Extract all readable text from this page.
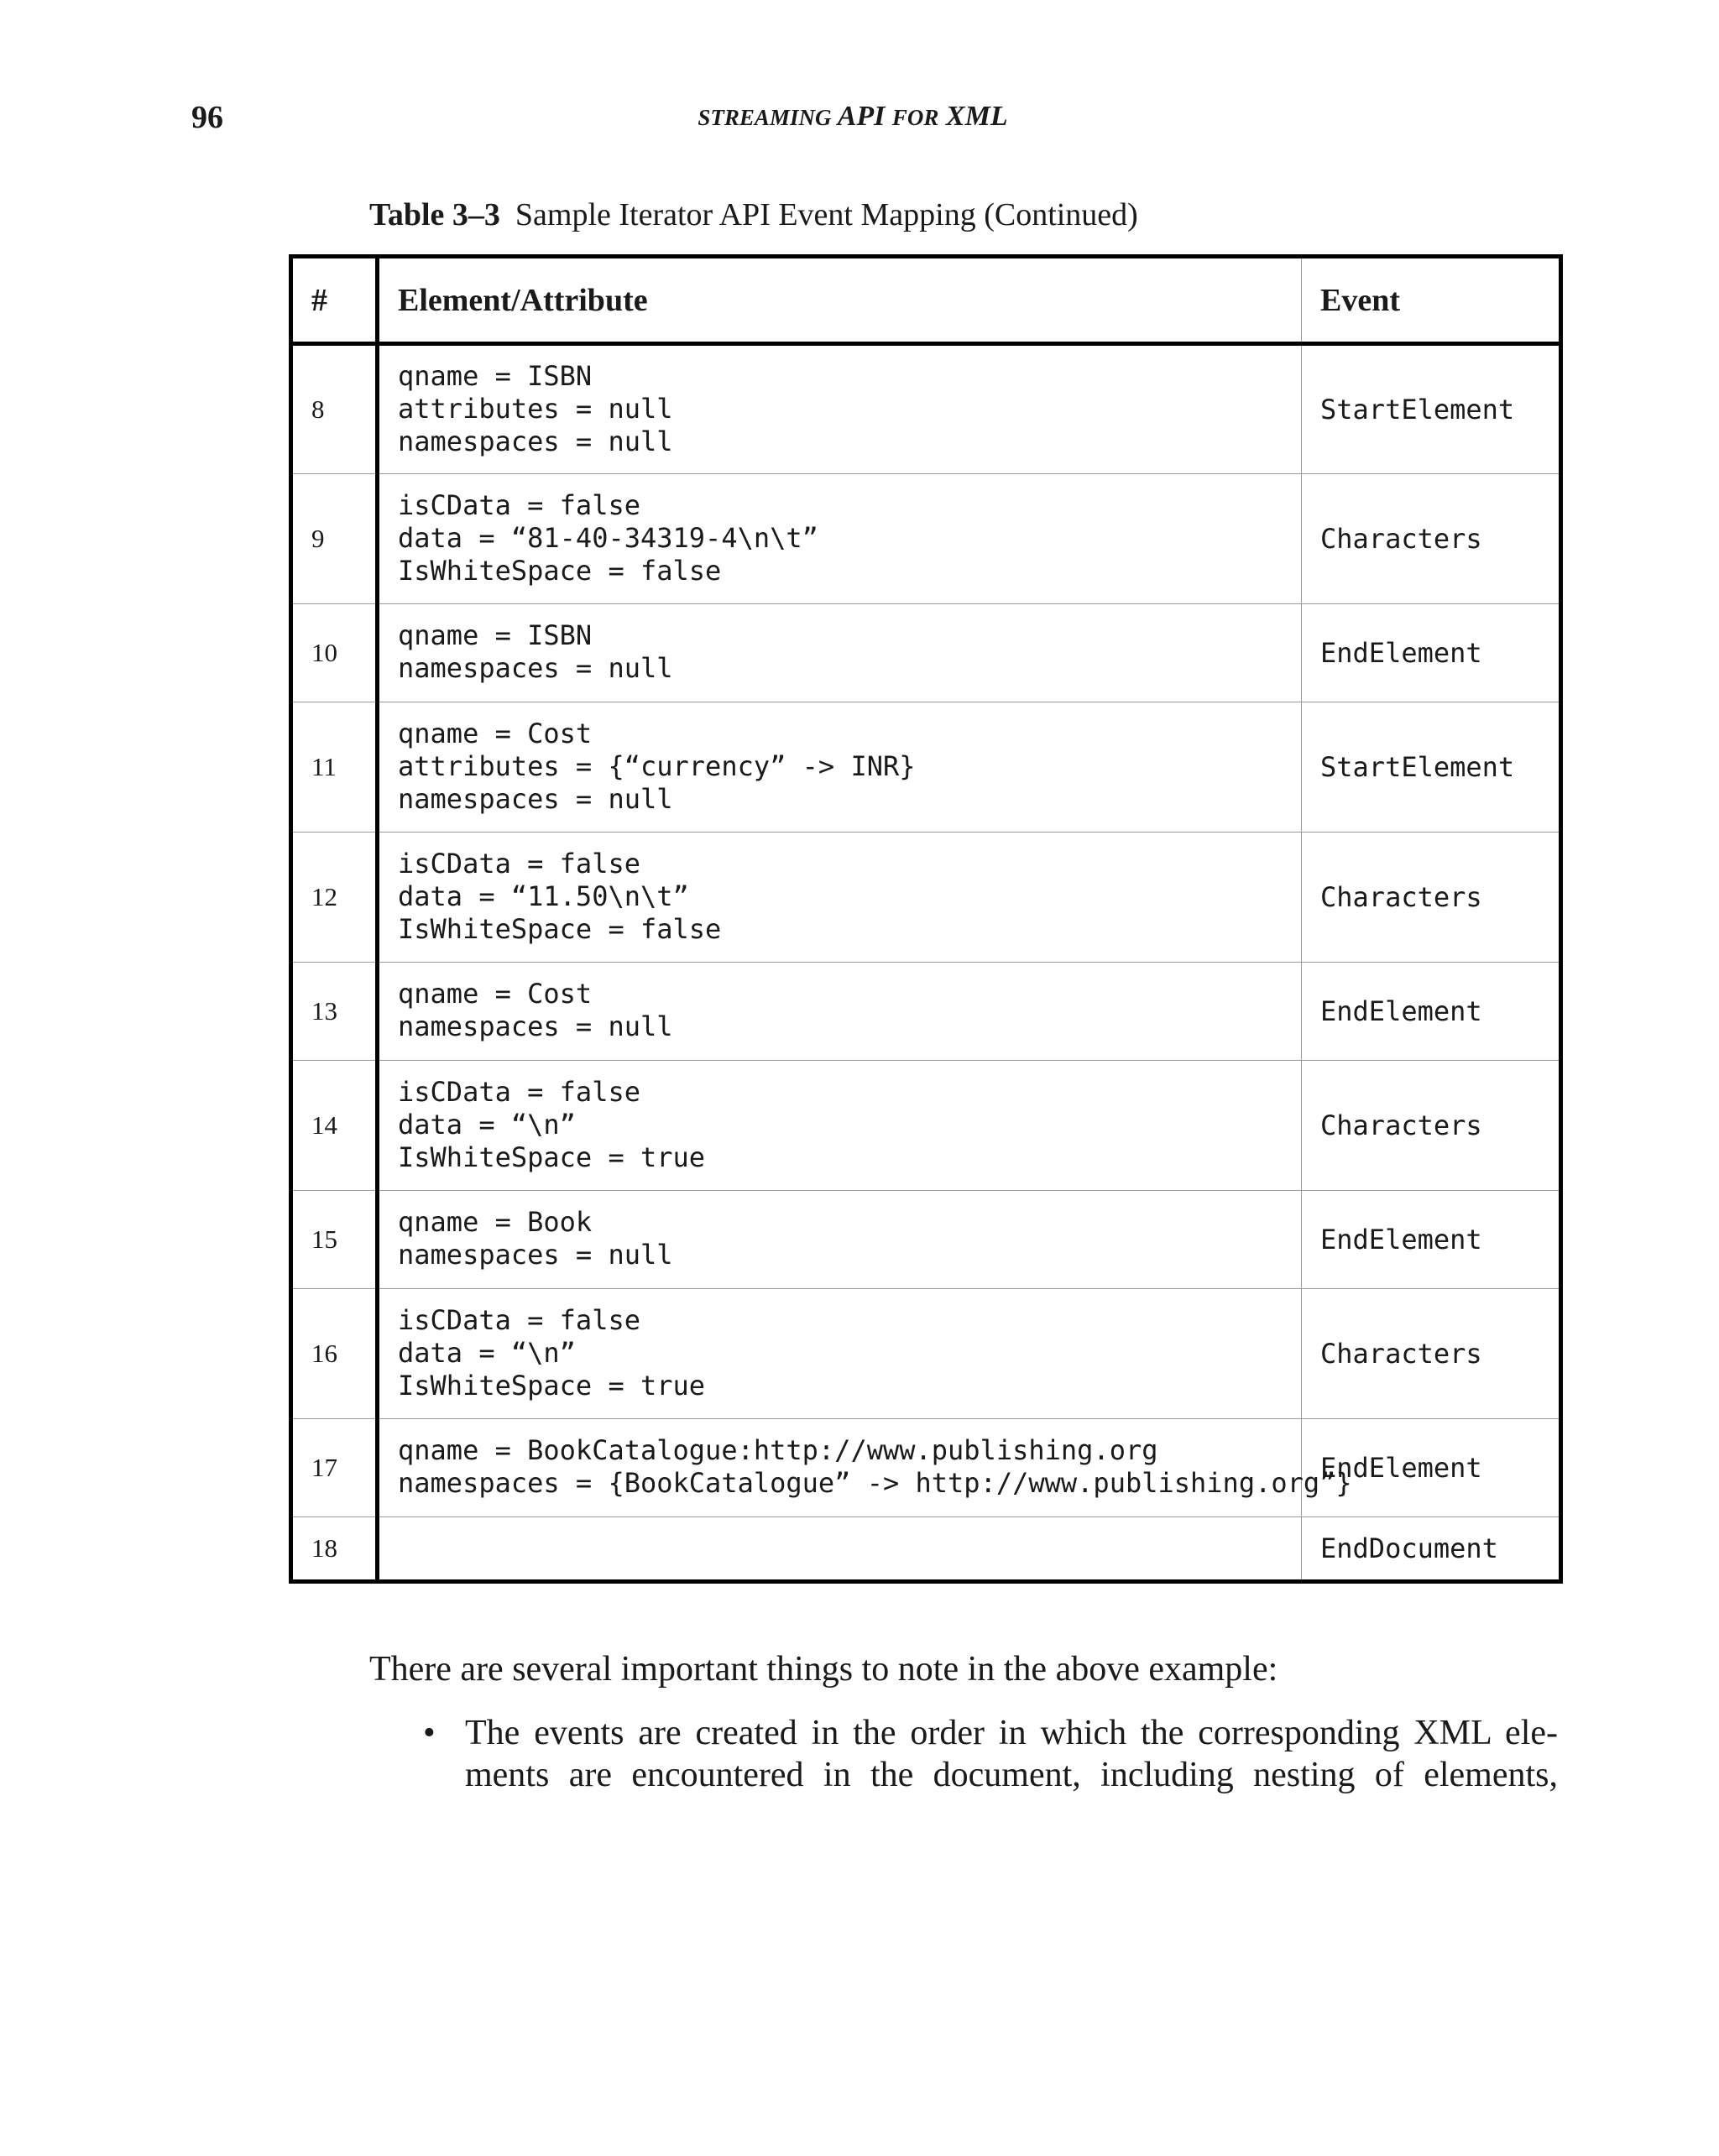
96	STREAMING API FOR XML
Table 3–3 Sample Iterator API Event Mapping (Continued)
#	Element/Attribute	Event
8	qname = ISBN
attributes = null
namespaces = null	StartElement
9	isCData = false
data = “81-40-34319-4\n\t”
IsWhiteSpace = false	Characters
10	qname = ISBN
namespaces = null	EndElement
11	qname = Cost
attributes = {“currency” -> INR}
namespaces = null	StartElement
12	isCData = false
data = “11.50\n\t”
IsWhiteSpace = false	Characters
13	qname = Cost
namespaces = null	EndElement
14	isCData = false
data = “\n”
IsWhiteSpace = true	Characters
15	qname = Book
namespaces = null	EndElement
16	isCData = false
data = “\n”
IsWhiteSpace = true	Characters
17	qname = BookCatalogue:http://www.publishing.org
namespaces = {BookCatalogue” -> http://www.publishing.org”}	EndElement
18		EndDocument
There are several important things to note in the above example:
• The events are created in the order in which the corresponding XML ele-
ments are encountered in the document, including nesting of elements,
